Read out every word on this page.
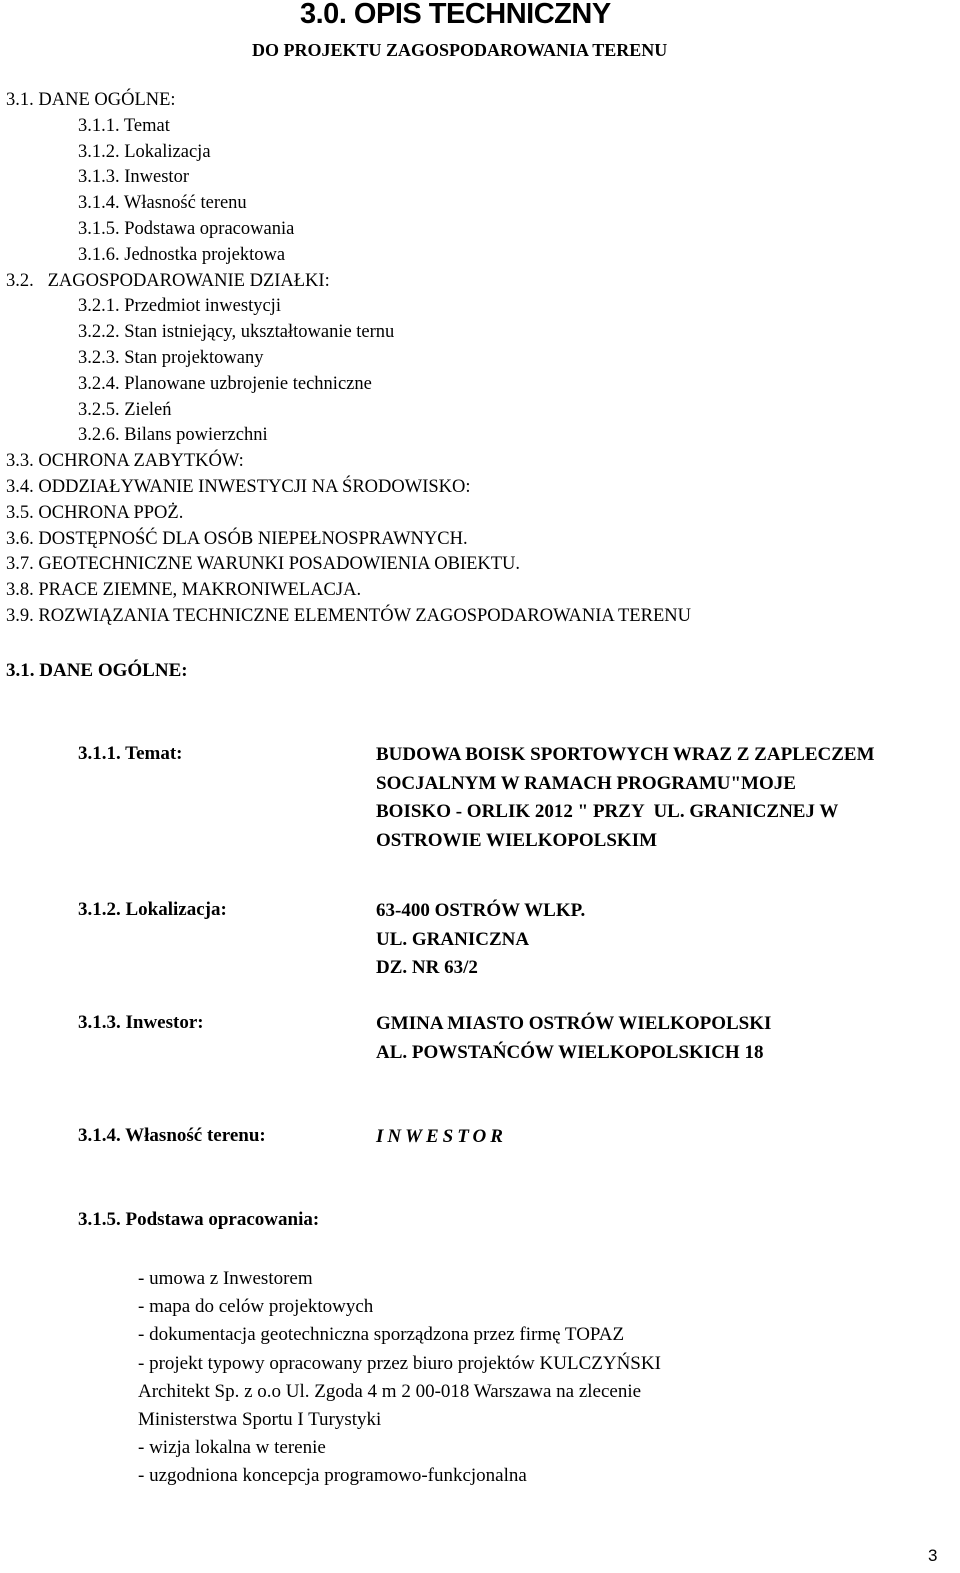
3.0. OPIS TECHNICZNY
DO PROJEKTU ZAGOSPODAROWANIA TERENU
3.1. DANE OGÓLNE:
3.1.1. Temat
3.1.2. Lokalizacja
3.1.3. Inwestor
3.1.4. Własność terenu
3.1.5. Podstawa opracowania
3.1.6. Jednostka projektowa
3.2.   ZAGOSPODAROWANIE DZIAŁKI:
3.2.1. Przedmiot inwestycji
3.2.2. Stan istniejący, ukształtowanie ternu
3.2.3. Stan projektowany
3.2.4. Planowane uzbrojenie techniczne
3.2.5. Zieleń
3.2.6. Bilans powierzchni
3.3. OCHRONA ZABYTKÓW:
3.4. ODDZIAŁYWANIE INWESTYCJI NA ŚRODOWISKO:
3.5. OCHRONA PPOŻ.
3.6. DOSTĘPNOŚĆ DLA OSÓB NIEPEŁNOSPRAWNYCH.
3.7. GEOTECHNICZNE WARUNKI POSADOWIENIA OBIEKTU.
3.8. PRACE ZIEMNE, MAKRONIWELACJA.
3.9. ROZWIĄZANIA TECHNICZNE ELEMENTÓW ZAGOSPODAROWANIA TERENU
3.1. DANE OGÓLNE:
3.1.1. Temat:	BUDOWA BOISK SPORTOWYCH WRAZ Z ZAPLECZEM
SOCJALNYM W RAMACH PROGRAMU"MOJE
BOISKO - ORLIK 2012 " PRZY  UL. GRANICZNEJ W
OSTROWIE WIELKOPOLSKIM
3.1.2. Lokalizacja:	63-400 OSTRÓW WLKP.
UL. GRANICZNA
DZ. NR 63/2
3.1.3. Inwestor:	GMINA MIASTO OSTRÓW WIELKOPOLSKI
AL. POWSTAŃCÓW WIELKOPOLSKICH 18
3.1.4. Własność terenu:	INWESTOR
3.1.5. Podstawa opracowania:
- umowa z Inwestorem
- mapa do celów projektowych
- dokumentacja geotechniczna sporządzona przez firmę TOPAZ
- projekt typowy opracowany przez biuro projektów KULCZYŃSKI
Architekt Sp. z o.o Ul. Zgoda 4 m 2 00-018 Warszawa na zlecenie
Ministerstwa Sportu I Turystyki
- wizja lokalna w terenie
- uzgodniona koncepcja programowo-funkcjonalna
3
